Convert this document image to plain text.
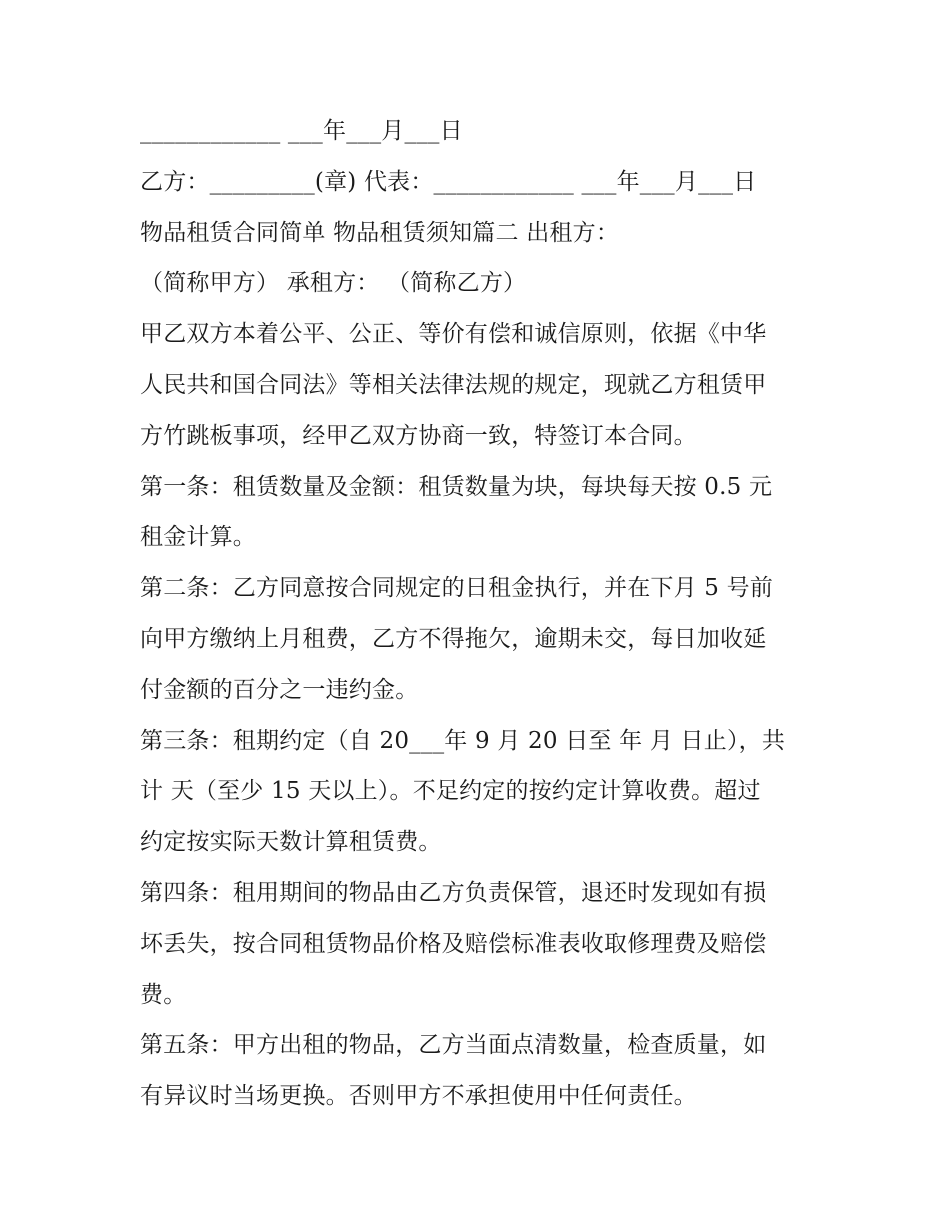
____________ ___年___月___日
乙方：_________(章) 代表：____________ ___年___月___日
物品租赁合同简单 物品租赁须知篇二 出租方：
（简称甲方） 承租方： （简称乙方）
甲乙双方本着公平、公正、等价有偿和诚信原则，依据《中华
人民共和国合同法》等相关法律法规的规定，现就乙方租赁甲
方竹跳板事项，经甲乙双方协商一致，特签订本合同。
第一条：租赁数量及金额：租赁数量为块，每块每天按 0.5 元
租金计算。
第二条：乙方同意按合同规定的日租金执行，并在下月 5 号前
向甲方缴纳上月租费，乙方不得拖欠，逾期未交，每日加收延
付金额的百分之一违约金。
第三条：租期约定（自 20___年 9 月 20 日至 年 月 日止），共
计 天（至少 15 天以上）。不足约定的按约定计算收费。超过
约定按实际天数计算租赁费。
第四条：租用期间的物品由乙方负责保管，退还时发现如有损
坏丢失，按合同租赁物品价格及赔偿标准表收取修理费及赔偿
费。
第五条：甲方出租的物品，乙方当面点清数量，检查质量，如
有异议时当场更换。否则甲方不承担使用中任何责任。
